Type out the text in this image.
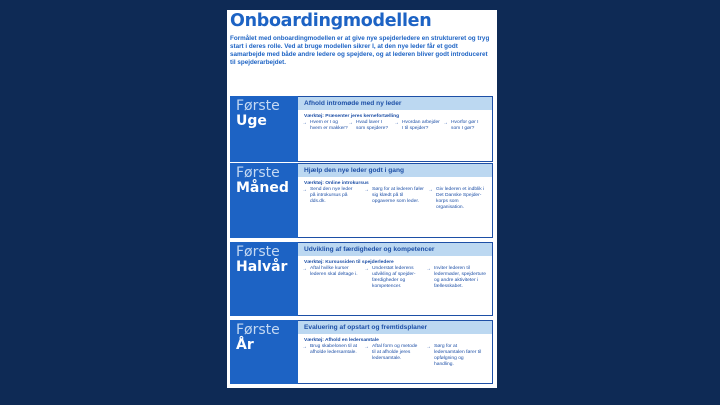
Onboardingmodellen
Formålet med onboardingmodellen er at give nye spejderledere en struktureret og tryg start i deres rolle. Ved at bruge modellen sikrer I, at den nye leder får et godt samarbejde med både andre ledere og spejdere, og at lederen bliver godt introduceret til spejderarbejdet.
Første
Uge
Afhold intromøde med ny leder
Værktøj: Præsenter jeres kernefortælling
→ Hvem er I og hvem er makker?
→ Hvad laver I som spejdere?
→ Hvordan arbejder I til spejder?
→ Hvorfor gør I som I gør?
Første
Måned
Hjælp den nye leder godt i gang
Værktøj: Online introkursus
→ Send den nye leder på introkursus på dds.dk.
→ Sørg for at lederen føler sig klædt på til opgaverne som leder.
→ Giv lederen et indblik i Det Danske Spejder-korps som organisation.
Første
Halvår
Udvikling af færdigheder og kompetencer
Værktøj: Kursussiden til spejderledere
→ Aftal hvilke kurser lederen skal deltage i.
→ Understøt lederens udvikling af spejder-færdigheder og kompetencer.
→ Inviter lederen til ledermøder, spejderture og andre aktiviteter i fællesskabet.
Første
År
Evaluering af opstart og fremtidsplaner
Værktøj: Afhold en ledersamtale
→ Brug skabelonen til at afholde ledersamtale.
→ Aftal form og metode til at afholde jeres ledersamtale.
→ Sørg for at ledersamtalen fører til opfølgning og handling.
